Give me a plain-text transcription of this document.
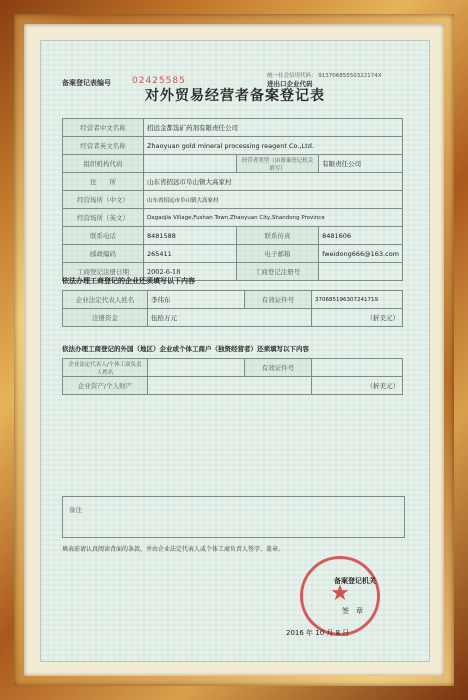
对外贸易经营者备案登记表
备案登记表编号 02425585	统一社会信用代码： 91370685550322174X
进出口企业代码
经营者中文名称	招远金都选矿药剂有限责任公司		
经营者英文名称	Zhaoyuan gold mineral processing reagent Co.,Ltd.		
组织机构代码		经营者类型（由备案登记机关填写）	有限责任公司
住　　所	山东省招远市阜山镇大高家村		
经营场所（中文）	山东省招远市阜山镇大高家村		
经营场所（英文）	Dagaojia Village,Fushan Town,Zhaoyuan City,Shandong Province		
联系电话	8481588	联系传真	8481606
邮政编码	265411	电子邮箱	fweidong666@163.com
工商登记注册日期	2002-6-18	工商登记注册号	
依法办理工商登记的企业还须填写以下内容
企业法定代表人姓名	李伟东	有效证件号	370685196307241719
注册资金	伍拾万元		（折美元）
依法办理工商登记的外国（地区）企业或个体工商户（独资经营者）还须填写以下内容
企业法定代表人/个体工商负责人姓名		有效证件号	
企业资产/个人财产			（折美元）
备注
填表前请认真阅读背面的条款，并由企业法定代表人或个体工商负责人签字、盖章。
★
备案登记机关
签　章
2016 年 10 月 8 日
